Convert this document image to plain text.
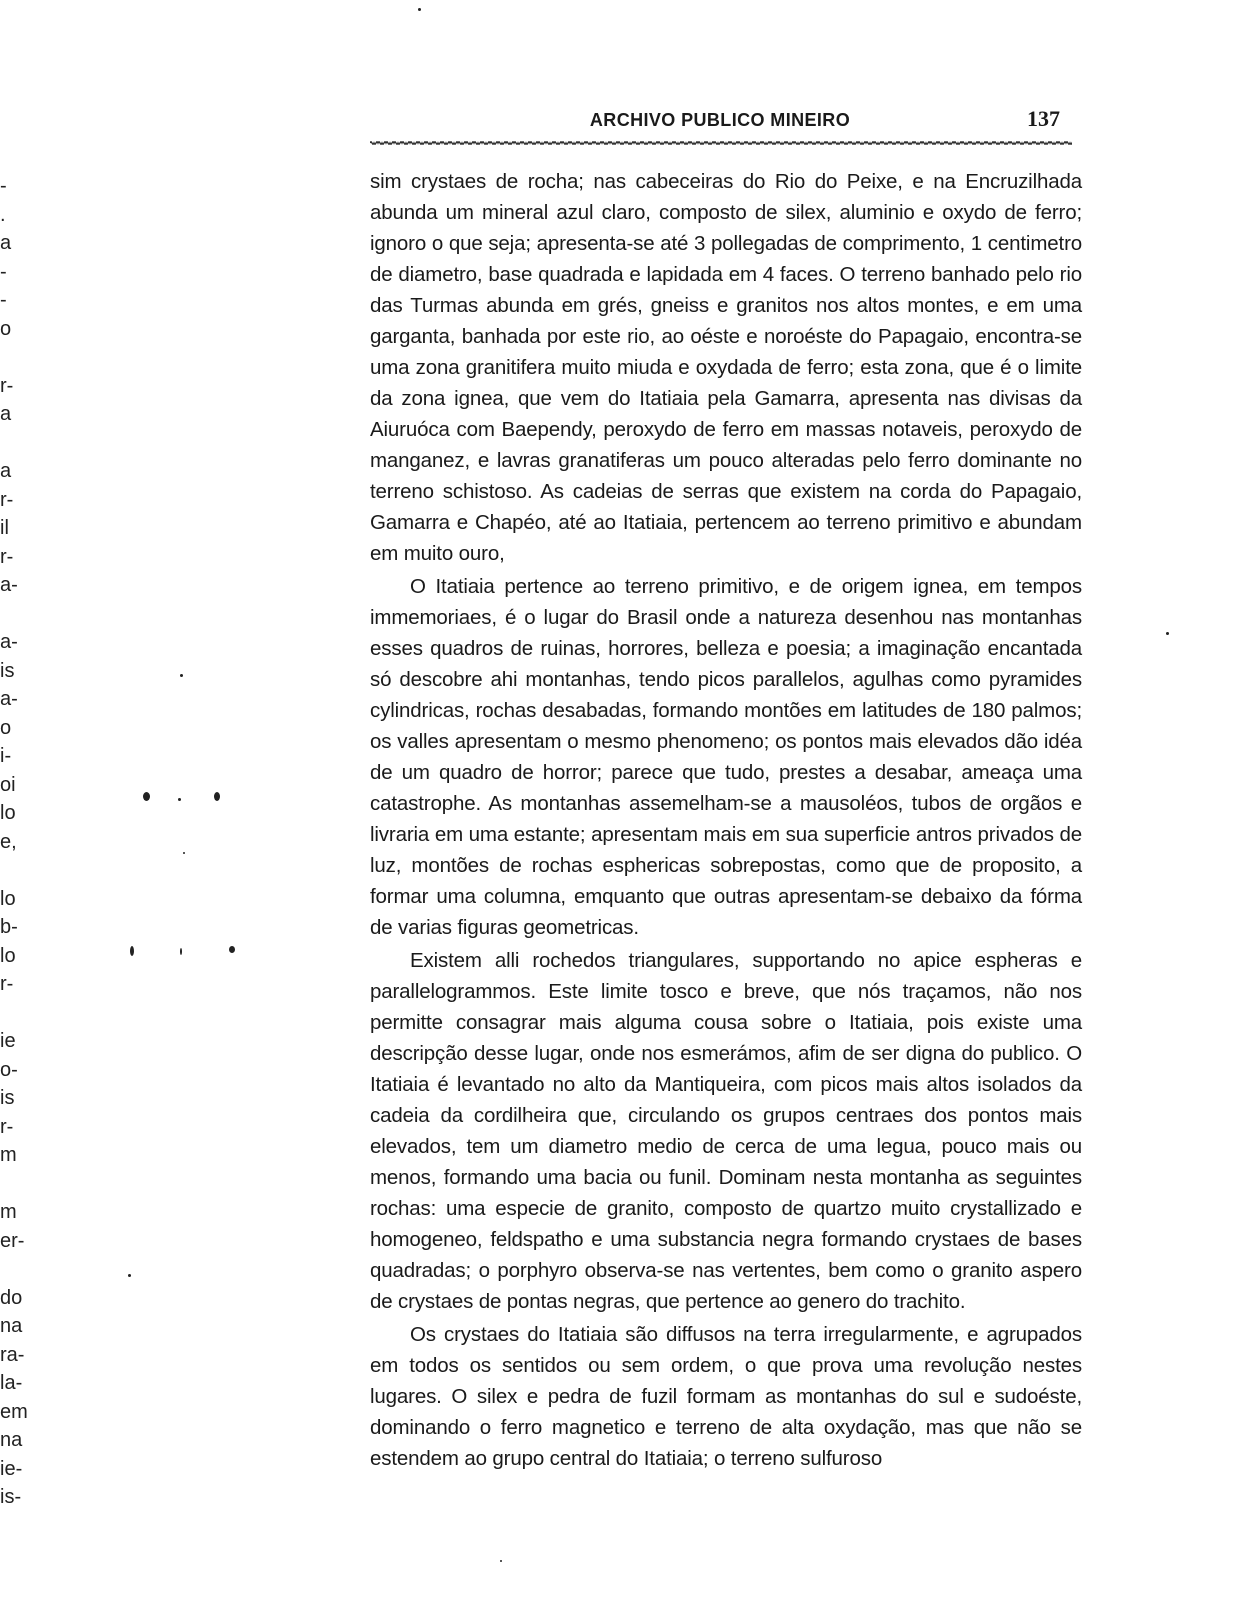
ARCHIVO PUBLICO MINEIRO	137
-
.
a
-
-
o
r-
a
a
r-
il
r-
a-
a-
is
a-
o
i-
oi
lo
e,
lo
b-
lo
r-
ie
o-
is
r-
m
m
er-
do
na
ra-
la-
em
na
ie-
is-

sim crystaes de rocha; nas cabeceiras do Rio do Peixe, e na Encruzilhada abunda um mineral azul claro, composto de silex, aluminio e oxydo de ferro; ignoro o que seja; apresenta-se até 3 pollegadas de comprimento, 1 centimetro de diametro, base quadrada e lapidada em 4 faces. O terreno banhado pelo rio das Turmas abunda em grés, gneiss e granitos nos altos montes, e em uma garganta, banhada por este rio, ao oéste e noroéste do Papagaio, encontra-se uma zona granitifera muito miuda e oxydada de ferro; esta zona, que é o limite da zona ignea, que vem do Itatiaia pela Gamarra, apresenta nas divisas da Aiuruóca com Baependy, peroxydo de ferro em massas notaveis, peroxydo de manganez, e lavras granatiferas um pouco alteradas pelo ferro dominante no terreno schistoso. As cadeias de serras que existem na corda do Papagaio, Gamarra e Chapéo, até ao Itatiaia, pertencem ao terreno primitivo e abundam em muito ouro,

O Itatiaia pertence ao terreno primitivo, e de origem ignea, em tempos immemoriaes, é o lugar do Brasil onde a natureza desenhou nas montanhas esses quadros de ruinas, horrores, belleza e poesia; a imaginação encantada só descobre ahi montanhas, tendo picos parallelos, agulhas como pyramides cylindricas, rochas desabadas, formando montões em latitudes de 180 palmos; os valles apresentam o mesmo phenomeno; os pontos mais elevados dão idéa de um quadro de horror; parece que tudo, prestes a desabar, ameaça uma catastrophe. As montanhas assemelham-se a mausoléos, tubos de orgãos e livraria em uma estante; apresentam mais em sua superficie antros privados de luz, montões de rochas esphericas sobrepostas, como que de proposito, a formar uma columna, emquanto que outras apresentam-se debaixo da fórma de varias figuras geometricas.

Existem alli rochedos triangulares, supportando no apice espheras e parallelogrammos. Este limite tosco e breve, que nós traçamos, não nos permitte consagrar mais alguma cousa sobre o Itatiaia, pois existe uma descripção desse lugar, onde nos esmerámos, afim de ser digna do publico. O Itatiaia é levantado no alto da Mantiqueira, com picos mais altos isolados da cadeia da cordilheira que, circulando os grupos centraes dos pontos mais elevados, tem um diametro medio de cerca de uma legua, pouco mais ou menos, formando uma bacia ou funil. Dominam nesta montanha as seguintes rochas: uma especie de granito, composto de quartzo muito crystallizado e homogeneo, feldspatho e uma substancia negra formando crystaes de bases quadradas; o porphyro observa-se nas vertentes, bem como o granito aspero de crystaes de pontas negras, que pertence ao genero do trachito.

Os crystaes do Itatiaia são diffusos na terra irregularmente, e agrupados em todos os sentidos ou sem ordem, o que prova uma revolução nestes lugares. O silex e pedra de fuzil formam as montanhas do sul e sudoéste, dominando o ferro magnetico e terreno de alta oxydação, mas que não se estendem ao grupo central do Itatiaia; o terreno sulfuroso
